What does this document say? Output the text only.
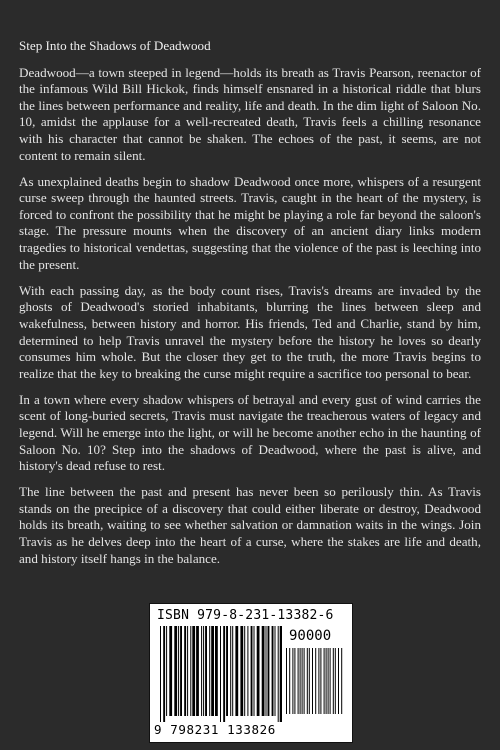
Step Into the Shadows of Deadwood

Deadwood—a town steeped in legend—holds its breath as Travis Pearson, reenactor of the infamous Wild Bill Hickok, finds himself ensnared in a historical riddle that blurs the lines between performance and reality, life and death. In the dim light of Saloon No. 10, amidst the applause for a well-recreated death, Travis feels a chilling resonance with his character that cannot be shaken. The echoes of the past, it seems, are not content to remain silent.

As unexplained deaths begin to shadow Deadwood once more, whispers of a resurgent curse sweep through the haunted streets. Travis, caught in the heart of the mystery, is forced to confront the possibility that he might be playing a role far beyond the saloon's stage. The pressure mounts when the discovery of an ancient diary links modern tragedies to historical vendettas, suggesting that the violence of the past is leeching into the present.

With each passing day, as the body count rises, Travis's dreams are invaded by the ghosts of Deadwood's storied inhabitants, blurring the lines between sleep and wakefulness, between history and horror. His friends, Ted and Charlie, stand by him, determined to help Travis unravel the mystery before the history he loves so dearly consumes him whole. But the closer they get to the truth, the more Travis begins to realize that the key to breaking the curse might require a sacrifice too personal to bear.

In a town where every shadow whispers of betrayal and every gust of wind carries the scent of long-buried secrets, Travis must navigate the treacherous waters of legacy and legend. Will he emerge into the light, or will he become another echo in the haunting of Saloon No. 10? Step into the shadows of Deadwood, where the past is alive, and history's dead refuse to rest.

The line between the past and present has never been so perilously thin. As Travis stands on the precipice of a discovery that could either liberate or destroy, Deadwood holds its breath, waiting to see whether salvation or damnation waits in the wings. Join Travis as he delves deep into the heart of a curse, where the stakes are life and death, and history itself hangs in the balance.

ISBN 979-8-231-13382-6
90000
9 798231 133826
